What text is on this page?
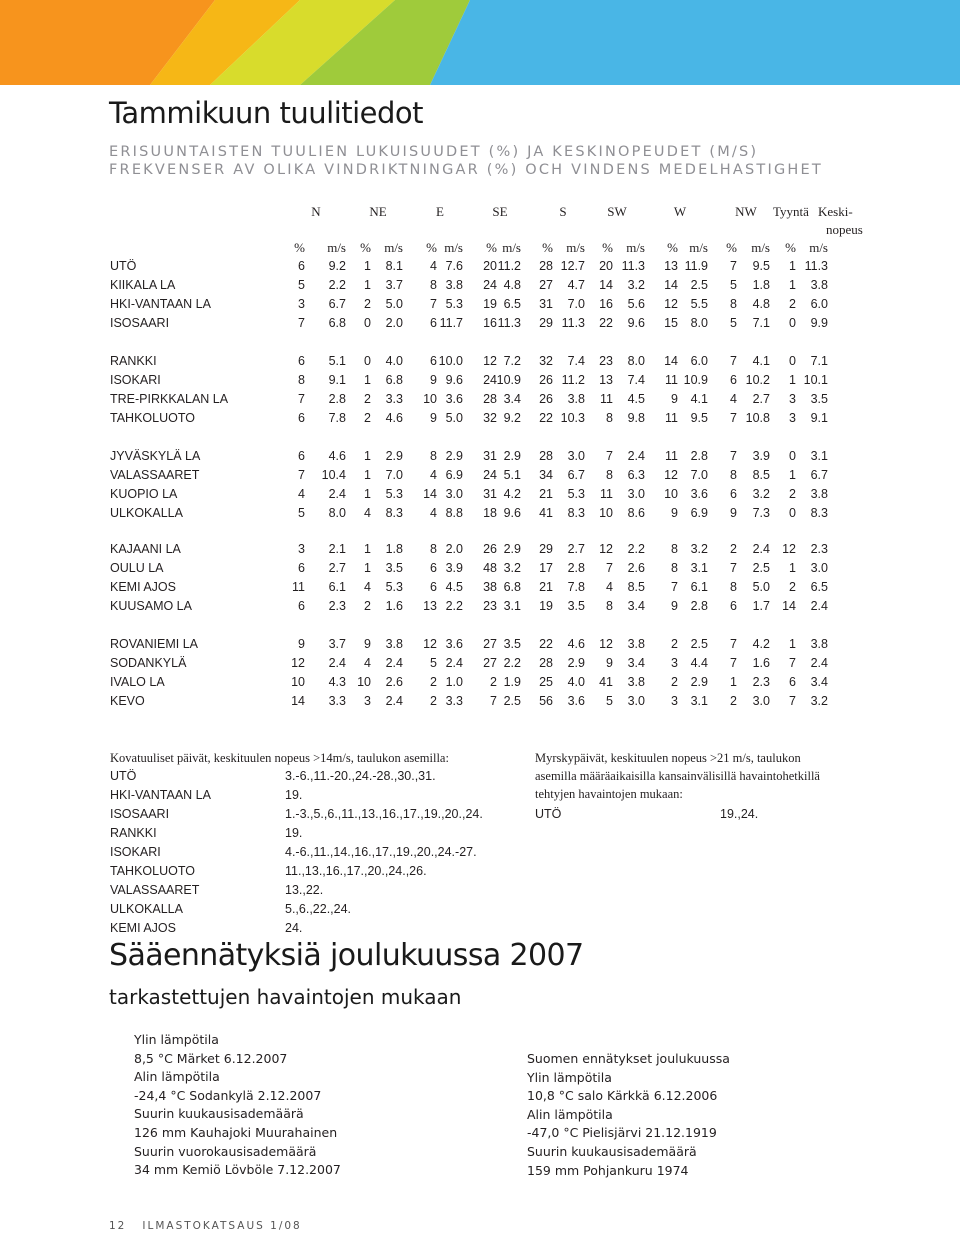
Tammikuun tuulitiedot
ERISUUNTAISTEN TUULIEN LUKUISUUDET (%) JA KESKINOPEUDET (M/S)
FREKVENSER AV OLIKA VINDRIKTNINGAR (%) OCH VINDENS MEDELHASTIGHET
N	NE	E	SE	S	SW	W	NW	Tyyntä Keski-
nopeus
%	m/s	%	m/s	% m/s	% m/s	%	m/s	%	m/s	% m/s	%	m/s	%	m/s
UTÖ	6	9.2	1	8.1	4 7.6	20 11.2	28 12.7	20 11.3	13 11.9	7	9.5	1 11.3
KIIKALA LA	5	2.2	1	3.7	8 3.8	24 4.8	27	4.7	14	3.2	14	2.5	5	1.8	1	3.8
HKI-VANTAAN LA	3	6.7	2	5.0	7 5.3	19 6.5	31	7.0	16	5.6	12	5.5	8	4.8	2	6.0
ISOSAARI	7	6.8	0	2.0	6 11.7	16 11.3	29 11.3	22	9.6	15	8.0	5	7.1	0	9.9
RANKKI	6	5.1	0	4.0	6 10.0	12 7.2	32	7.4	23	8.0	14	6.0	7	4.1	0	7.1
ISOKARI	8	9.1	1	6.8	9 9.6	24 10.9	26 11.2	13	7.4	11 10.9	6 10.2	1 10.1
TRE-PIRKKALAN LA	7	2.8	2	3.3	10 3.6	28 3.4	26	3.8	11	4.5	9	4.1	4	2.7	3	3.5
TAHKOLUOTO	6	7.8	2	4.6	9 5.0	32 9.2	22 10.3	8	9.8	11	9.5	7 10.8	3	9.1
JYVÄSKYLÄ LA	6	4.6	1	2.9	8 2.9	31 2.9	28	3.0	7	2.4	11	2.8	7	3.9	0	3.1
VALASSAARET	7	10.4	1	7.0	4 6.9	24 5.1	34	6.7	8	6.3	12	7.0	8	8.5	1	6.7
KUOPIO LA	4	2.4	1	5.3	14 3.0	31 4.2	21	5.3	11	3.0	10	3.6	6	3.2	2	3.8
ULKOKALLA	5	8.0	4	8.3	4 8.8	18 9.6	41	8.3	10	8.6	9	6.9	9	7.3	0	8.3
KAJAANI LA	3	2.1	1	1.8	8 2.0	26 2.9	29	2.7	12	2.2	8	3.2	2	2.4 12	2.3
OULU LA	6	2.7	1	3.5	6 3.9	48 3.2	17	2.8	7	2.6	8	3.1	7	2.5	1	3.0
KEMI AJOS	11	6.1	4	5.3	6 4.5	38 6.8	21	7.8	4	8.5	7	6.1	8	5.0	2	6.5
KUUSAMO LA	6	2.3	2	1.6	13 2.2	23 3.1	19	3.5	8	3.4	9	2.8	6	1.7 14	2.4
ROVANIEMI LA	9	3.7	9	3.8	12 3.6	27 3.5	22	4.6	12	3.8	2	2.5	7	4.2	1	3.8
SODANKYLÄ	12	2.4	4	2.4	5 2.4	27 2.2	28	2.9	9	3.4	3	4.4	7	1.6	7	2.4
IVALO LA	10	4.3 10	2.6	2 1.0	2 1.9	25	4.0	41	3.8	2	2.9	1	2.3	6	3.4
KEVO	14	3.3	3	2.4	2 3.3	7 2.5	56	3.6	5	3.0	3	3.1	2	3.0	7	3.2
Kovatuuliset päivät, keskituulen nopeus >14m/s, taulukon asemilla:
UTÖ	3.-6.,11.-20.,24.-28.,30.,31.
HKI-VANTAAN LA	19.
ISOSAARI	1.-3.,5.,6.,11.,13.,16.,17.,19.,20.,24.
RANKKI	19.
ISOKARI	4.-6.,11.,14.,16.,17.,19.,20.,24.-27.
TAHKOLUOTO	11.,13.,16.,17.,20.,24.,26.
VALASSAARET	13.,22.
ULKOKALLA	5.,6.,22.,24.
KEMI AJOS	24.
Myrskypäivät, keskituulen nopeus >21 m/s, taulukon
asemilla määräaikaisilla kansainvälisillä havaintohetkillä
tehtyjen havaintojen mukaan:
UTÖ	19.,24.
Sääennätyksiä joulukuussa 2007
tarkastettujen havaintojen mukaan
Ylin lämpötila
8,5 °C Märket 6.12.2007
Alin lämpötila
-24,4 °C Sodankylä 2.12.2007
Suurin kuukausisademäärä
126 mm Kauhajoki Muurahainen
Suurin vuorokausisademäärä
34 mm Kemiö Lövböle 7.12.2007
Suomen ennätykset joulukuussa
Ylin lämpötila
10,8 °C salo Kärkkä 6.12.2006
Alin lämpötila
-47,0 °C Pielisjärvi 21.12.1919
Suurin kuukausisademäärä
159 mm Pohjankuru 1974
12 ILMASTOKATSAUS 1/08
